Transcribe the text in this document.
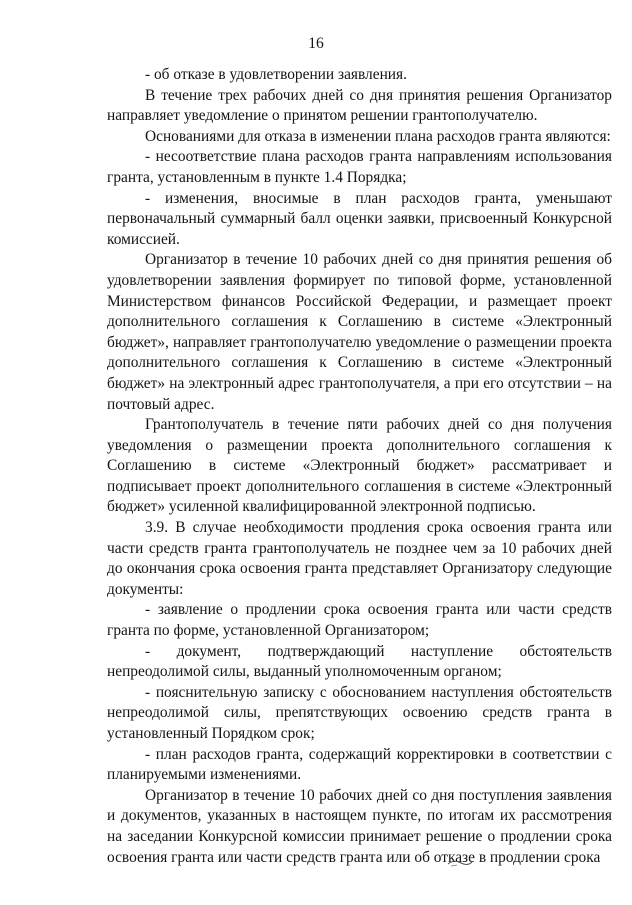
16

- об отказе в удовлетворении заявления.

В течение трех рабочих дней со дня принятия решения Организатор направляет уведомление о принятом решении грантополучателю.

Основаниями для отказа в изменении плана расходов гранта являются:

- несоответствие плана расходов гранта направлениям использования гранта, установленным в пункте 1.4 Порядка;

- изменения, вносимые в план расходов гранта, уменьшают первоначальный суммарный балл оценки заявки, присвоенный Конкурсной комиссией.

Организатор в течение 10 рабочих дней со дня принятия решения об удовлетворении заявления формирует по типовой форме, установленной Министерством финансов Российской Федерации, и размещает проект дополнительного соглашения к Соглашению в системе «Электронный бюджет», направляет грантополучателю уведомление о размещении проекта дополнительного соглашения к Соглашению в системе «Электронный бюджет» на электронный адрес грантополучателя, а при его отсутствии – на почтовый адрес.

Грантополучатель в течение пяти рабочих дней со дня получения уведомления о размещении проекта дополнительного соглашения к Соглашению в системе «Электронный бюджет» рассматривает и подписывает проект дополнительного соглашения в системе «Электронный бюджет» усиленной квалифицированной электронной подписью.

3.9. В случае необходимости продления срока освоения гранта или части средств гранта грантополучатель не позднее чем за 10 рабочих дней до окончания срока освоения гранта представляет Организатору следующие документы:

- заявление о продлении срока освоения гранта или части средств гранта по форме, установленной Организатором;

- документ, подтверждающий наступление обстоятельств непреодолимой силы, выданный уполномоченным органом;

- пояснительную записку с обоснованием наступления обстоятельств непреодолимой силы, препятствующих освоению средств гранта в установленный Порядком срок;

- план расходов гранта, содержащий корректировки в соответствии с планируемыми изменениями.

Организатор в течение 10 рабочих дней со дня поступления заявления и документов, указанных в настоящем пункте, по итогам их рассмотрения на заседании Конкурсной комиссии принимает решение о продлении срока освоения гранта или части средств гранта или об отказе в продлении срока
